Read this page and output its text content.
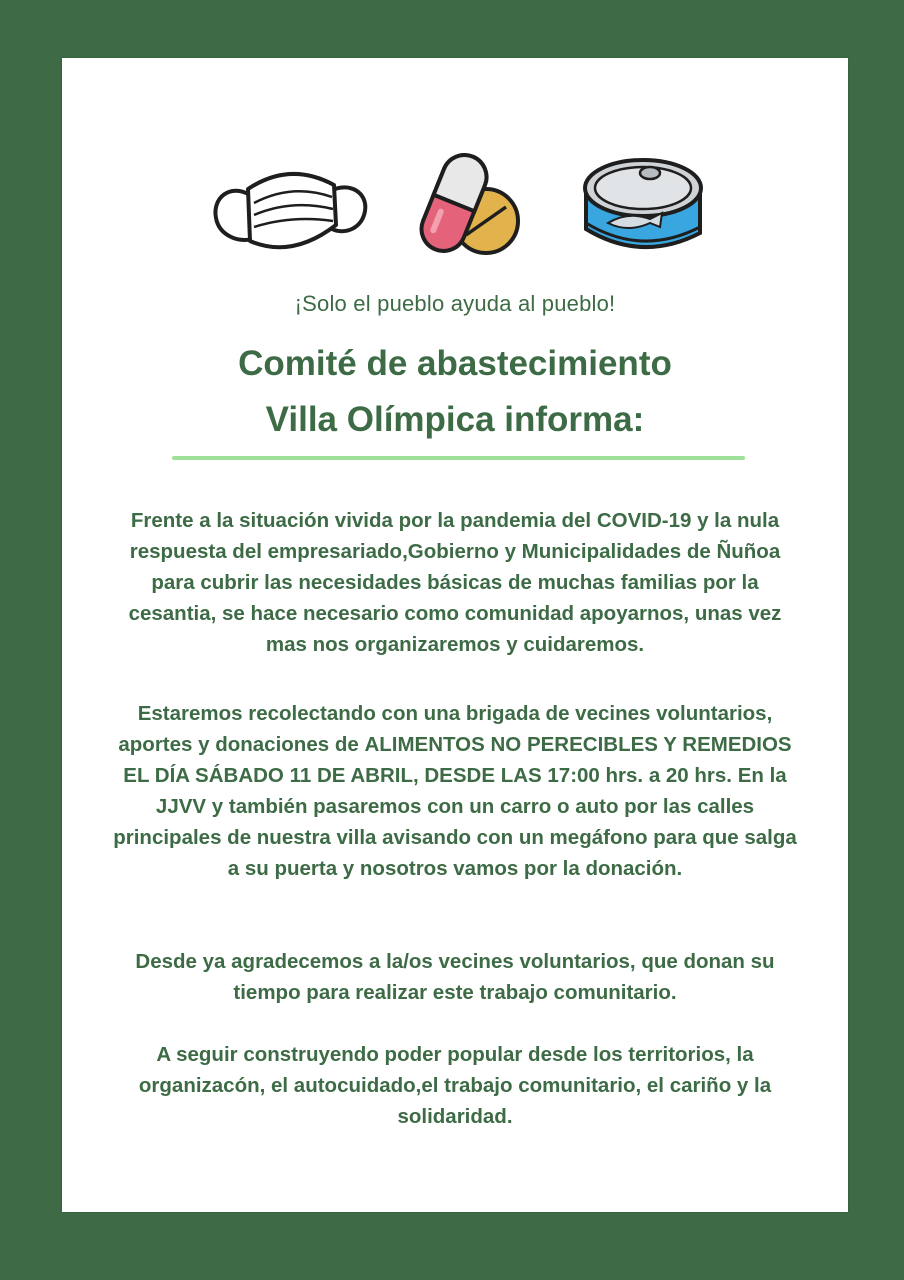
¡Solo el pueblo ayuda al pueblo!
Comité de abastecimiento
Villa Olímpica informa:
Frente a la situación vivida por la pandemia del COVID-19 y la nula respuesta del empresariado,Gobierno y Municipalidades de Ñuñoa para cubrir las necesidades básicas de muchas familias por la cesantia, se hace necesario como comunidad apoyarnos, unas vez mas nos organizaremos y cuidaremos.
Estaremos recolectando con una brigada de vecines voluntarios, aportes y donaciones de ALIMENTOS NO PERECIBLES Y REMEDIOS EL DÍA SÁBADO 11 DE ABRIL, DESDE LAS 17:00 hrs. a 20 hrs. En la JJVV y también pasaremos con un carro o auto por las calles principales de nuestra villa avisando con un megáfono para que salga a su puerta y nosotros vamos por la donación.
Desde ya agradecemos a la/os vecines voluntarios, que donan su tiempo para realizar este trabajo comunitario.
A seguir construyendo poder popular desde los territorios, la organizacón, el autocuidado,el trabajo comunitario, el cariño y la solidaridad.
